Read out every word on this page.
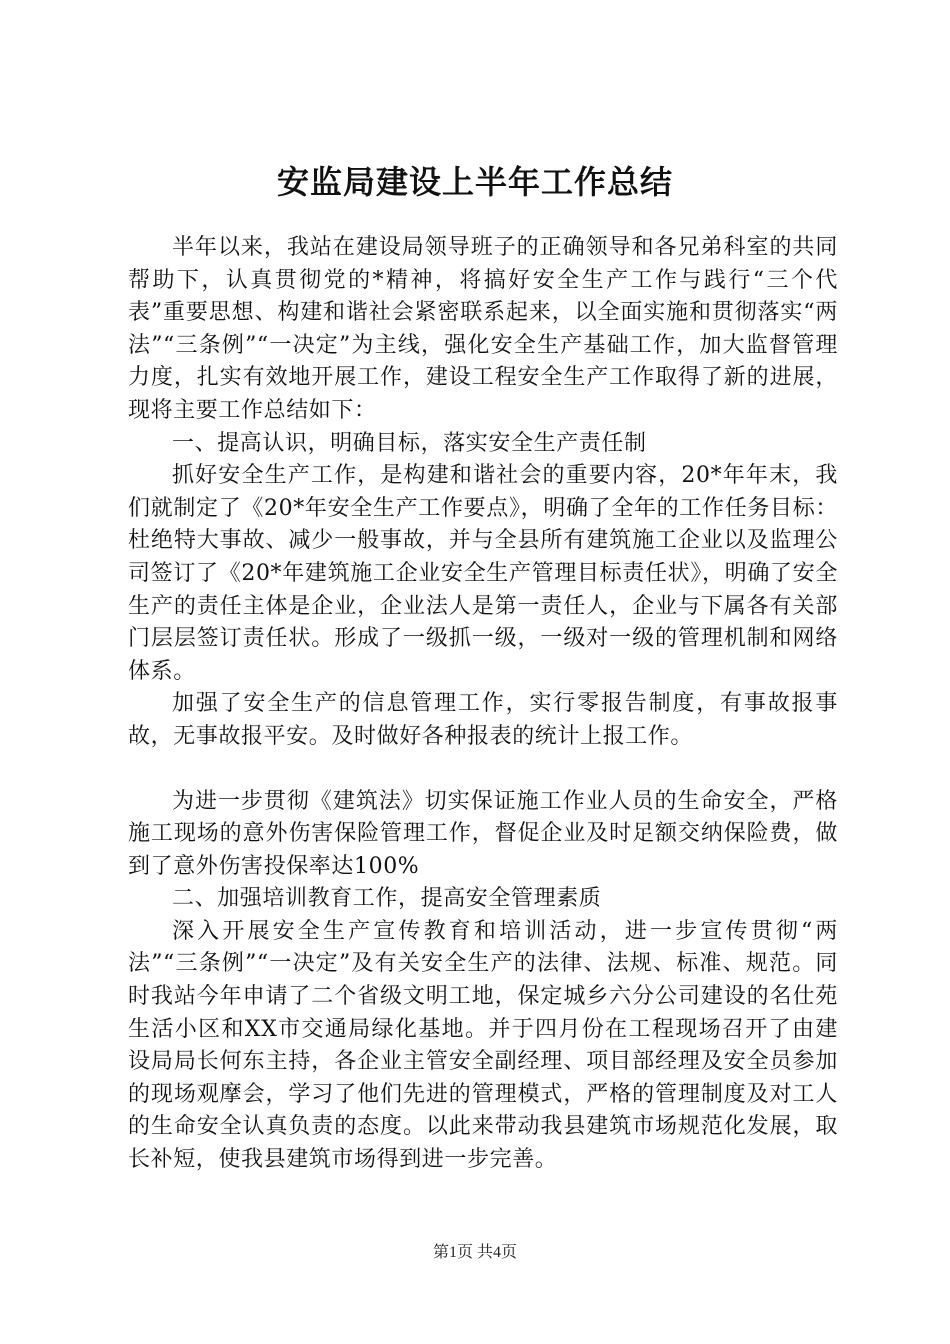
安监局建设上半年工作总结

半年以来，我站在建设局领导班子的正确领导和各兄弟科室的共同帮助下，认真贯彻党的*精神，将搞好安全生产工作与践行“三个代表”重要思想、构建和谐社会紧密联系起来，以全面实施和贯彻落实“两法”“三条例”“一决定”为主线，强化安全生产基础工作，加大监督管理力度，扎实有效地开展工作，建设工程安全生产工作取得了新的进展，现将主要工作总结如下：

一、提高认识，明确目标，落实安全生产责任制

抓好安全生产工作，是构建和谐社会的重要内容，20*年年末，我们就制定了《20*年安全生产工作要点》，明确了全年的工作任务目标：杜绝特大事故、减少一般事故，并与全县所有建筑施工企业以及监理公司签订了《20*年建筑施工企业安全生产管理目标责任状》，明确了安全生产的责任主体是企业，企业法人是第一责任人，企业与下属各有关部门层层签订责任状。形成了一级抓一级，一级对一级的管理机制和网络体系。

加强了安全生产的信息管理工作，实行零报告制度，有事故报事故，无事故报平安。及时做好各种报表的统计上报工作。

为进一步贯彻《建筑法》切实保证施工作业人员的生命安全，严格施工现场的意外伤害保险管理工作，督促企业及时足额交纳保险费，做到了意外伤害投保率达100%

二、加强培训教育工作，提高安全管理素质

深入开展安全生产宣传教育和培训活动，进一步宣传贯彻“两法”“三条例”“一决定”及有关安全生产的法律、法规、标准、规范。同时我站今年申请了二个省级文明工地，保定城乡六分公司建设的名仕苑生活小区和XX市交通局绿化基地。并于四月份在工程现场召开了由建设局局长何东主持，各企业主管安全副经理、项目部经理及安全员参加的现场观摩会，学习了他们先进的管理模式，严格的管理制度及对工人的生命安全认真负责的态度。以此来带动我县建筑市场规范化发展，取长补短，使我县建筑市场得到进一步完善。

第1页 共4页
